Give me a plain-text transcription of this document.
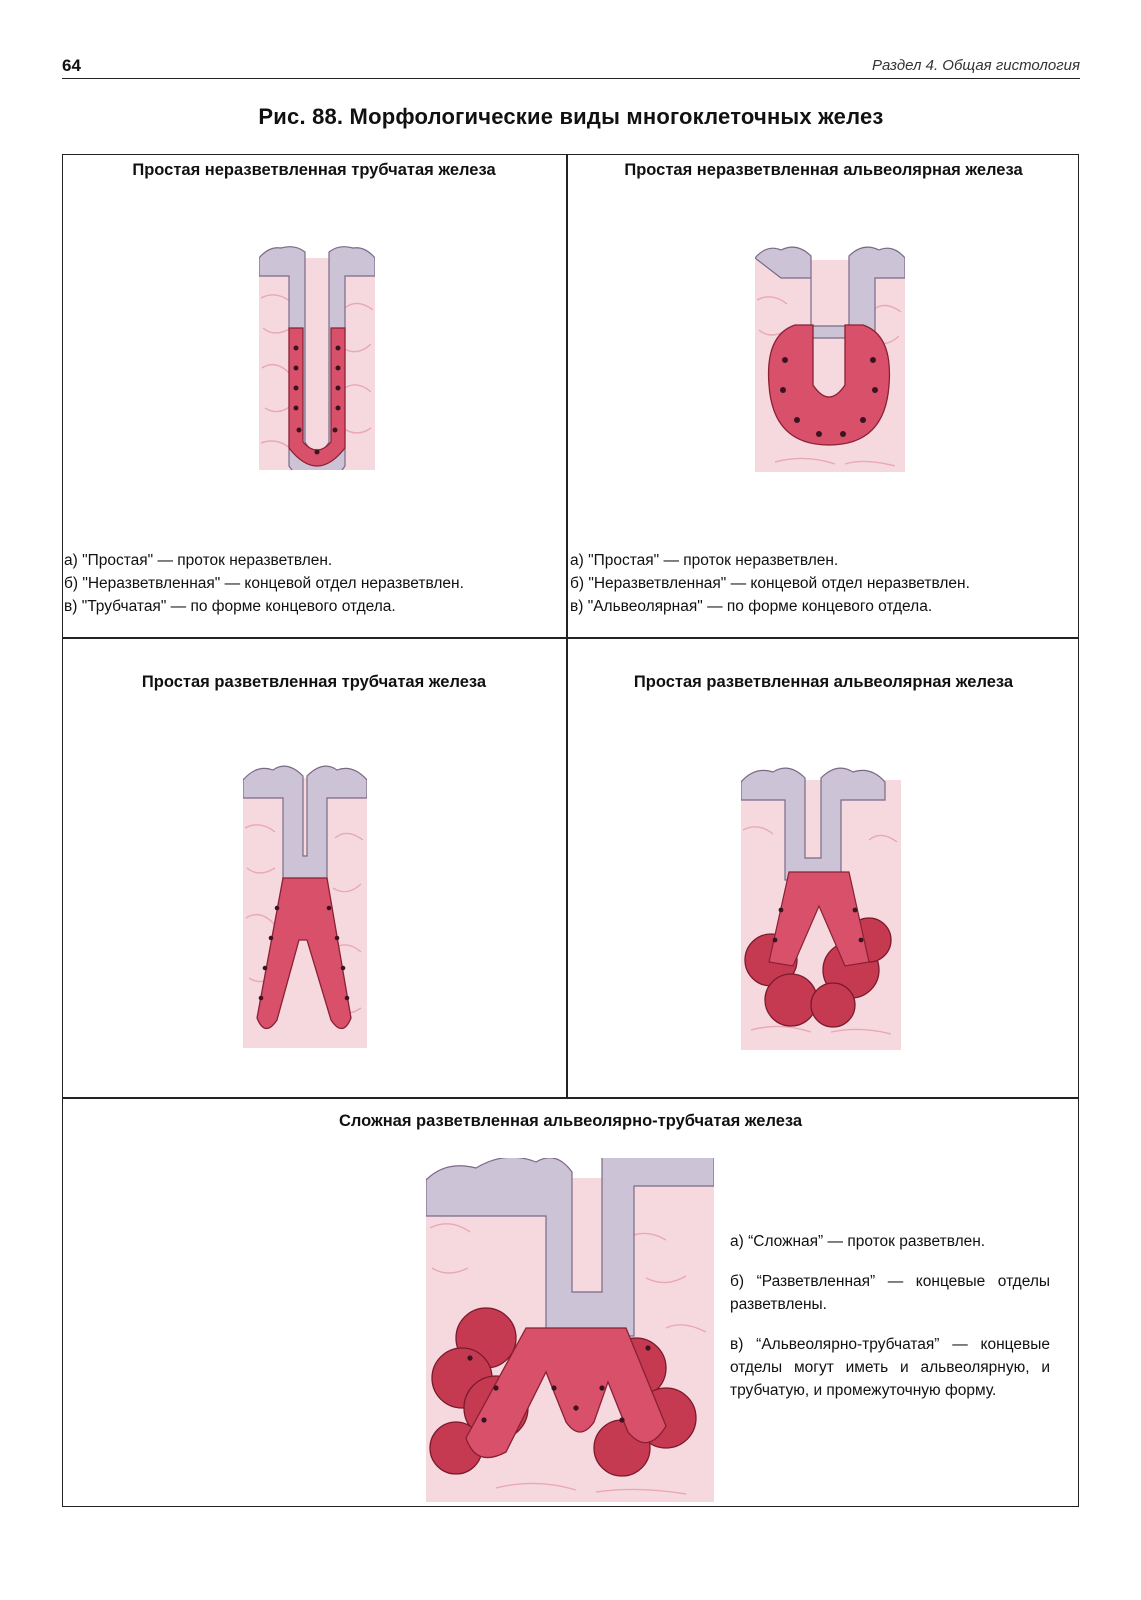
64	Раздел 4. Общая гистология
Рис. 88. Морфологические виды многоклеточных желез
Простая неразветвленная трубчатая железа
а) "Простая" — проток неразветвлен.
б) "Неразветвленная" — концевой отдел неразветвлен.
в) "Трубчатая" — по форме концевого отдела.
Простая неразветвленная альвеолярная железа
а) "Простая" — проток неразветвлен.
б) "Неразветвленная" — концевой отдел неразветвлен.
в) "Альвеолярная" — по форме концевого отдела.
Простая разветвленная трубчатая железа	Простая разветвленная альвеолярная железа
Сложная разветвленная альвеолярно-трубчатая железа

а) “Сложная” — проток разветвлен.

б) “Разветвленная” — концевые отделы разветвлены.

в) “Альвеолярно-трубчатая” — концевые отделы могут иметь и альвеолярную, и трубчатую, и промежуточную форму.
